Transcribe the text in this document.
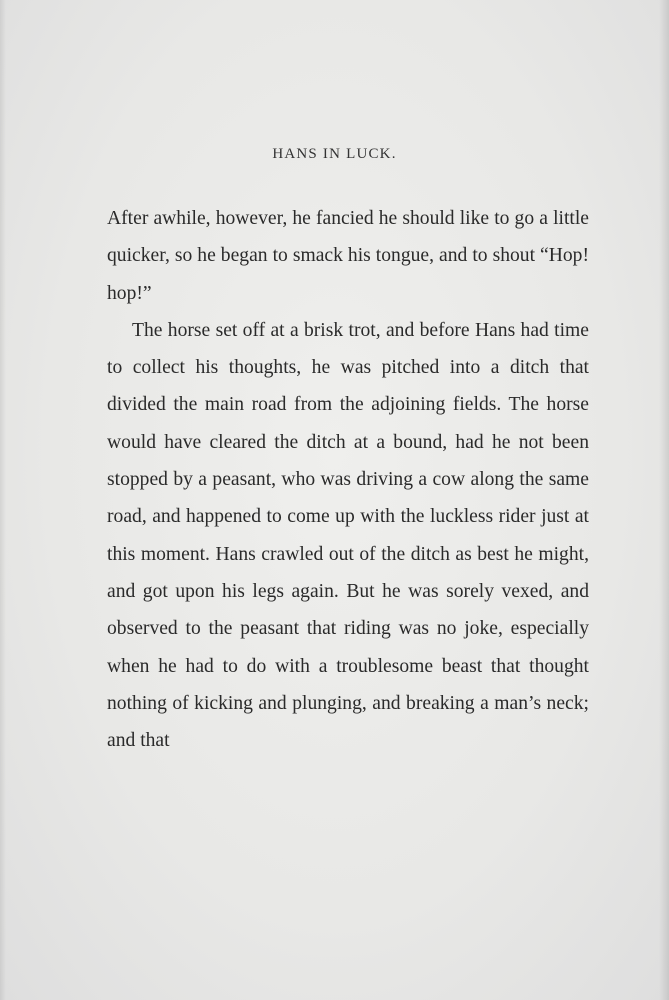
HANS IN LUCK.

After awhile, however, he fancied he should like to go a little quicker, so he began to smack his tongue, and to shout “Hop! hop!”

The horse set off at a brisk trot, and before Hans had time to collect his thoughts, he was pitched into a ditch that divided the main road from the adjoining fields. The horse would have cleared the ditch at a bound, had he not been stopped by a peasant, who was driving a cow along the same road, and happened to come up with the luckless rider just at this moment. Hans crawled out of the ditch as best he might, and got upon his legs again. But he was sorely vexed, and observed to the peasant that riding was no joke, especially when he had to do with a troublesome beast that thought nothing of kicking and plunging, and breaking a man’s neck; and that
